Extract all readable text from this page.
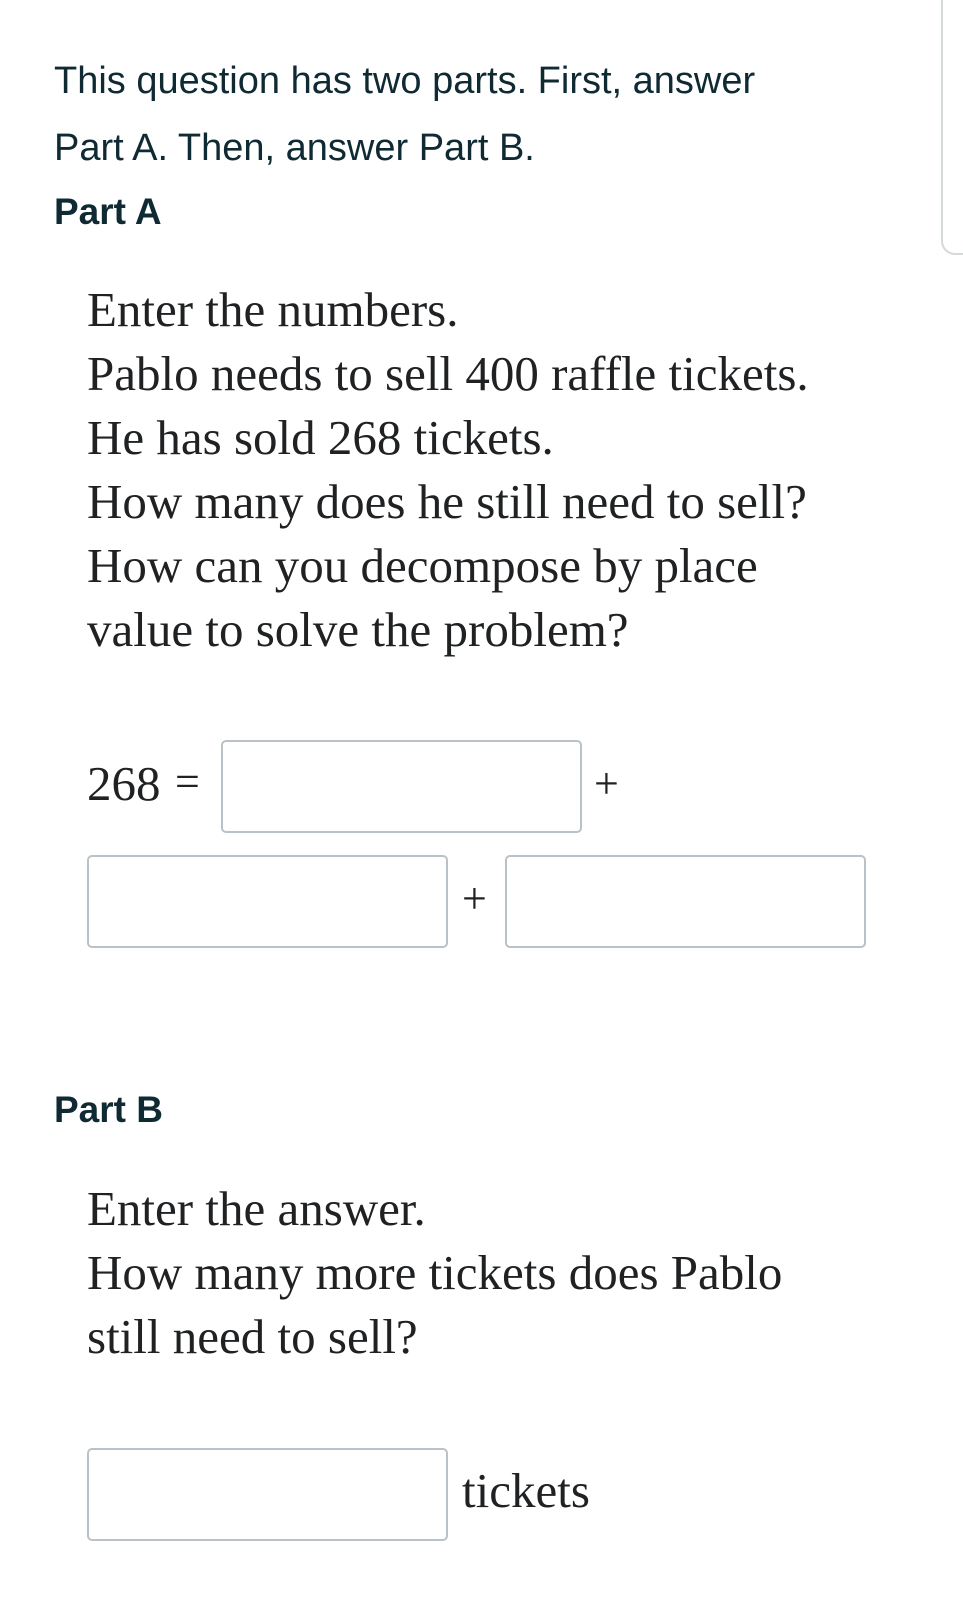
This question has two parts. First, answer
Part A. Then, answer Part B.
Part A

Enter the numbers.

Pablo needs to sell 400 raffle tickets.

He has sold 268 tickets.

How many does he still need to sell?

How can you decompose by place

value to solve the problem?

268 =	+
+
Part B

Enter the answer.

How many more tickets does Pablo

still need to sell?

tickets
